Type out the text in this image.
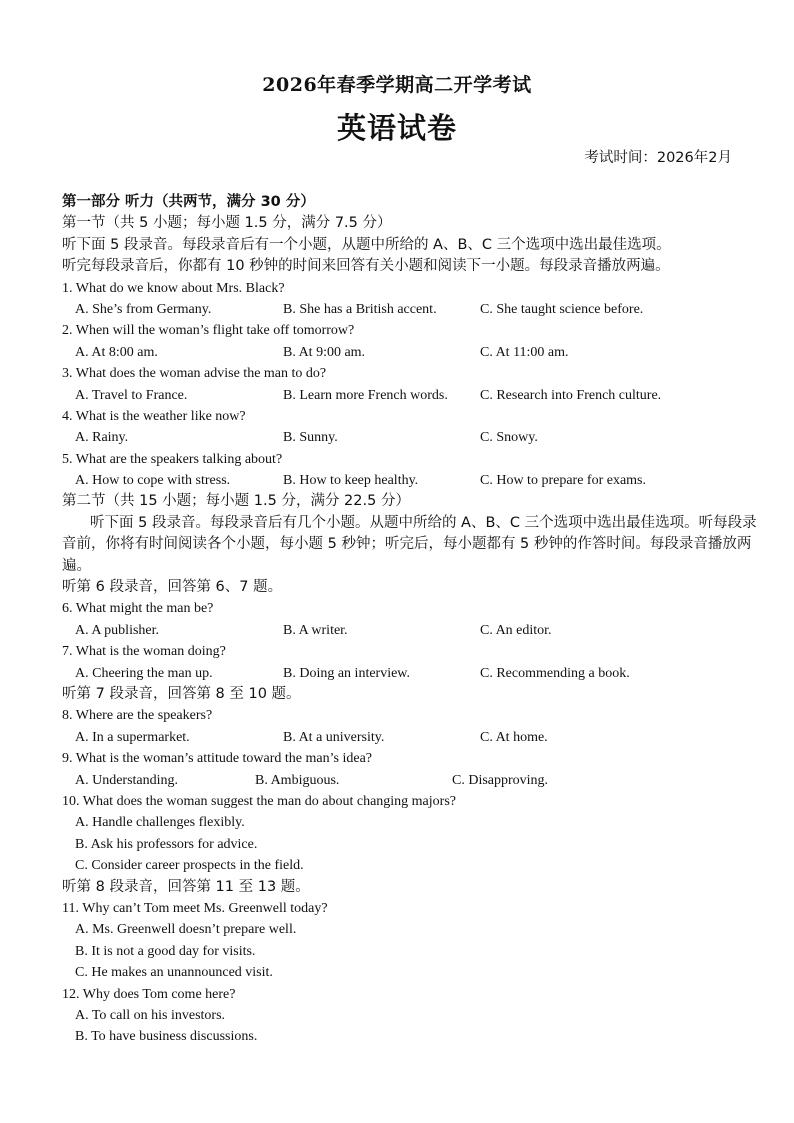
2026年春季学期高二开学考试
英语试卷
考试时间：2026年2月
第一部分 听力（共两节，满分 30 分）
第一节（共 5 小题；每小题 1.5 分，满分 7.5 分）
听下面 5 段录音。每段录音后有一个小题，从题中所给的 A、B、C 三个选项中选出最佳选项。
听完每段录音后，你都有 10 秒钟的时间来回答有关小题和阅读下一小题。每段录音播放两遍。
1. What do we know about Mrs. Black?
A. She’s from Germany.	B. She has a British accent.	C. She taught science before.
2. When will the woman’s flight take off tomorrow?
A. At 8:00 am.	B. At 9:00 am.	C. At 11:00 am.
3. What does the woman advise the man to do?
A. Travel to France.	B. Learn more French words. C. Research into French culture.
4. What is the weather like now?
A. Rainy.	B. Sunny.	C. Snowy.
5. What are the speakers talking about?
A. How to cope with stress.	B. How to keep healthy.	C. How to prepare for exams.
第二节（共 15 小题；每小题 1.5 分，满分 22.5 分）
听下面 5 段录音。每段录音后有几个小题。从题中所给的 A、B、C 三个选项中选出最佳选项。听每段录音前，你将有时间阅读各个小题，每小题 5 秒钟；听完后，每小题都有 5 秒钟的作答时间。每段录音播放两遍。
听第 6 段录音，回答第 6、7 题。
6. What might the man be?
A. A publisher.	B. A writer.	C. An editor.
7. What is the woman doing?
A. Cheering the man up.	B. Doing an interview.	C. Recommending a book.
听第 7 段录音，回答第 8 至 10 题。
8. Where are the speakers?
A. In a supermarket.	B. At a university.	C. At home.
9. What is the woman’s attitude toward the man’s idea?
A. Understanding.	B. Ambiguous.	C. Disapproving.
10. What does the woman suggest the man do about changing majors?
A. Handle challenges flexibly.
B. Ask his professors for advice.
C. Consider career prospects in the field.
听第 8 段录音，回答第 11 至 13 题。
11. Why can’t Tom meet Ms. Greenwell today?
A. Ms. Greenwell doesn’t prepare well.
B. It is not a good day for visits.
C. He makes an unannounced visit.
12. Why does Tom come here?
A. To call on his investors.
B. To have business discussions.
